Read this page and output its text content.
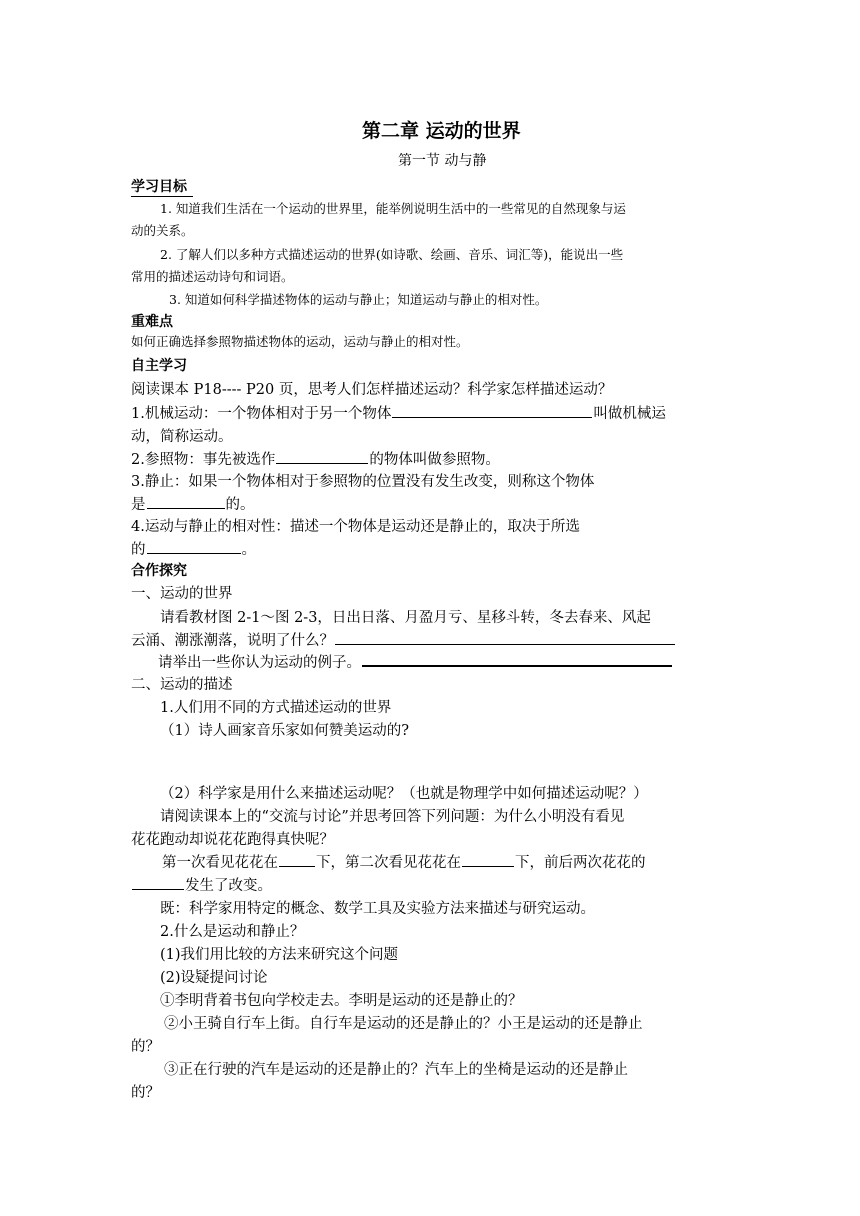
第二章 运动的世界
第一节 动与静
学习目标
1. 知道我们生活在一个运动的世界里，能举例说明生活中的一些常见的自然现象与运
动的关系。
2. 了解人们以多种方式描述运动的世界(如诗歌、绘画、音乐、词汇等)，能说出一些
常用的描述运动诗句和词语。
3. 知道如何科学描述物体的运动与静止；知道运动与静止的相对性。
重难点
如何正确选择参照物描述物体的运动，运动与静止的相对性。
自主学习
阅读课本 P18---- P20 页，思考人们怎样描述运动？科学家怎样描述运动？
1.机械运动：一个物体相对于另一个物体	叫做机械运
动，简称运动。
2.参照物：事先被选作	的物体叫做参照物。
3.静止：如果一个物体相对于参照物的位置没有发生改变，则称这个物体
是	的。
4.运动与静止的相对性：描述一个物体是运动还是静止的，取决于所选
的	。
合作探究
一、运动的世界
请看教材图 2-1～图 2-3，日出日落、月盈月亏、星移斗转，冬去春来、风起
云涌、潮涨潮落，说明了什么？
请举出一些你认为运动的例子。
二、运动的描述
1.人们用不同的方式描述运动的世界
（1）诗人画家音乐家如何赞美运动的?
（2）科学家是用什么来描述运动呢？（也就是物理学中如何描述运动呢？）
请阅读课本上的“交流与讨论”并思考回答下列问题：为什么小明没有看见
花花跑动却说花花跑得真快呢？
第一次看见花花在	下，第二次看见花花在	下，前后两次花花的
发生了改变。
既：科学家用特定的概念、数学工具及实验方法来描述与研究运动。
2.什么是运动和静止？
(1)我们用比较的方法来研究这个问题
(2)设疑提问讨论
①李明背着书包向学校走去。李明是运动的还是静止的？
②小王骑自行车上街。自行车是运动的还是静止的？小王是运动的还是静止
的？
③正在行驶的汽车是运动的还是静止的？汽车上的坐椅是运动的还是静止
的？
